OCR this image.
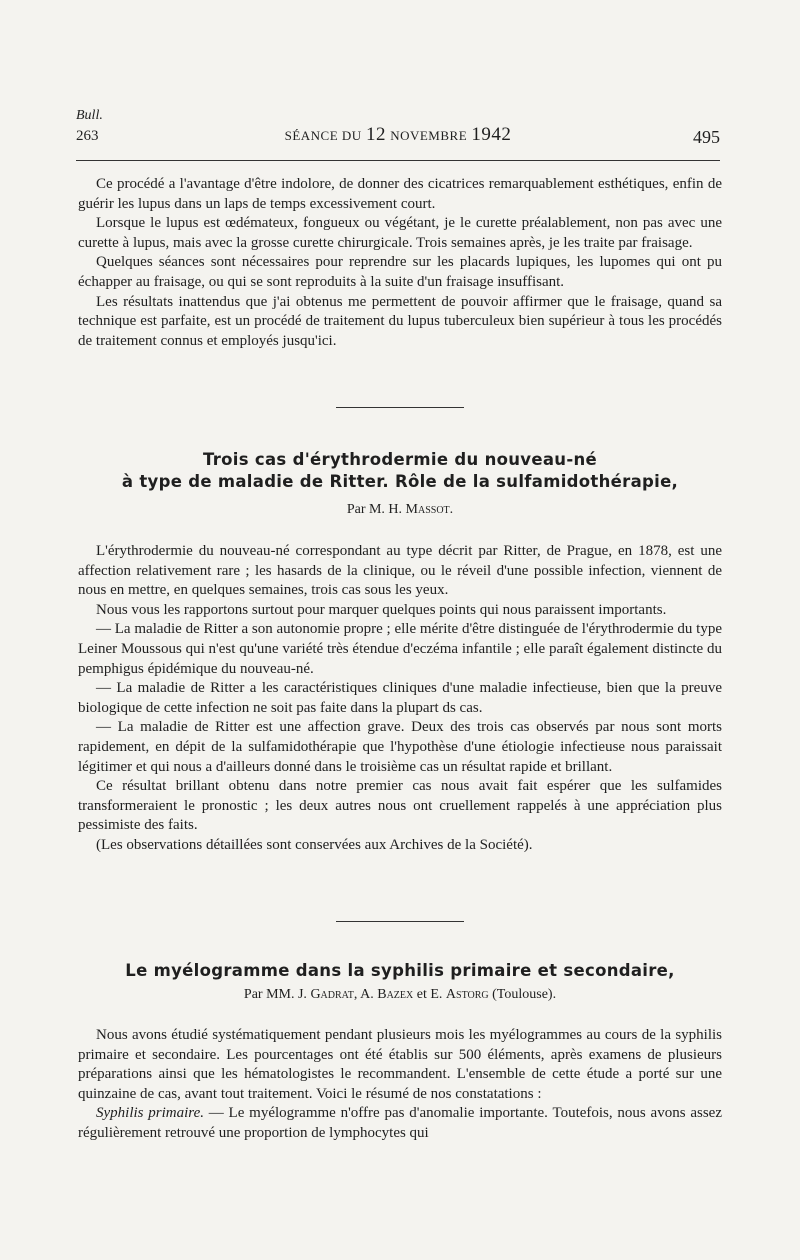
Bull.
263	SÉANCE DU 12 NOVEMBRE 1942	495

Ce procédé a l'avantage d'être indolore, de donner des cicatrices remarquablement esthétiques, enfin de guérir les lupus dans un laps de temps excessivement court.

Lorsque le lupus est œdémateux, fongueux ou végétant, je le curette préalablement, non pas avec une curette à lupus, mais avec la grosse curette chirurgicale. Trois semaines après, je les traite par fraisage.

Quelques séances sont nécessaires pour reprendre sur les placards lupiques, les lupomes qui ont pu échapper au fraisage, ou qui se sont reproduits à la suite d'un fraisage insuffisant.

Les résultats inattendus que j'ai obtenus me permettent de pouvoir affirmer que le fraisage, quand sa technique est parfaite, est un procédé de traitement du lupus tuberculeux bien supérieur à tous les procédés de traitement connus et employés jusqu'ici.

Trois cas d'érythrodermie du nouveau-né
à type de maladie de Ritter. Rôle de la sulfamidothérapie,
Par M. H. Massot.

L'érythrodermie du nouveau-né correspondant au type décrit par Ritter, de Prague, en 1878, est une affection relativement rare ; les hasards de la clinique, ou le réveil d'une possible infection, viennent de nous en mettre, en quelques semaines, trois cas sous les yeux.

Nous vous les rapportons surtout pour marquer quelques points qui nous paraissent importants.

— La maladie de Ritter a son autonomie propre ; elle mérite d'être distinguée de l'érythrodermie du type Leiner Moussous qui n'est qu'une variété très étendue d'eczéma infantile ; elle paraît également distincte du pemphigus épidémique du nouveau-né.

— La maladie de Ritter a les caractéristiques cliniques d'une maladie infectieuse, bien que la preuve biologique de cette infection ne soit pas faite dans la plupart ds cas.

— La maladie de Ritter est une affection grave. Deux des trois cas observés par nous sont morts rapidement, en dépit de la sulfamidothérapie que l'hypothèse d'une étiologie infectieuse nous paraissait légitimer et qui nous a d'ailleurs donné dans le troisième cas un résultat rapide et brillant.

Ce résultat brillant obtenu dans notre premier cas nous avait fait espérer que les sulfamides transformeraient le pronostic ; les deux autres nous ont cruellement rappelés à une appréciation plus pessimiste des faits.

(Les observations détaillées sont conservées aux Archives de la Société).

Le myélogramme dans la syphilis primaire et secondaire,
Par MM. J. Gadrat, A. Bazex et E. Astorg (Toulouse).

Nous avons étudié systématiquement pendant plusieurs mois les myélogrammes au cours de la syphilis primaire et secondaire. Les pourcentages ont été établis sur 500 éléments, après examens de plusieurs préparations ainsi que les hématologistes le recommandent. L'ensemble de cette étude a porté sur une quinzaine de cas, avant tout traitement. Voici le résumé de nos constatations :

Syphilis primaire. — Le myélogramme n'offre pas d'anomalie importante. Toutefois, nous avons assez régulièrement retrouvé une proportion de lymphocytes qui
